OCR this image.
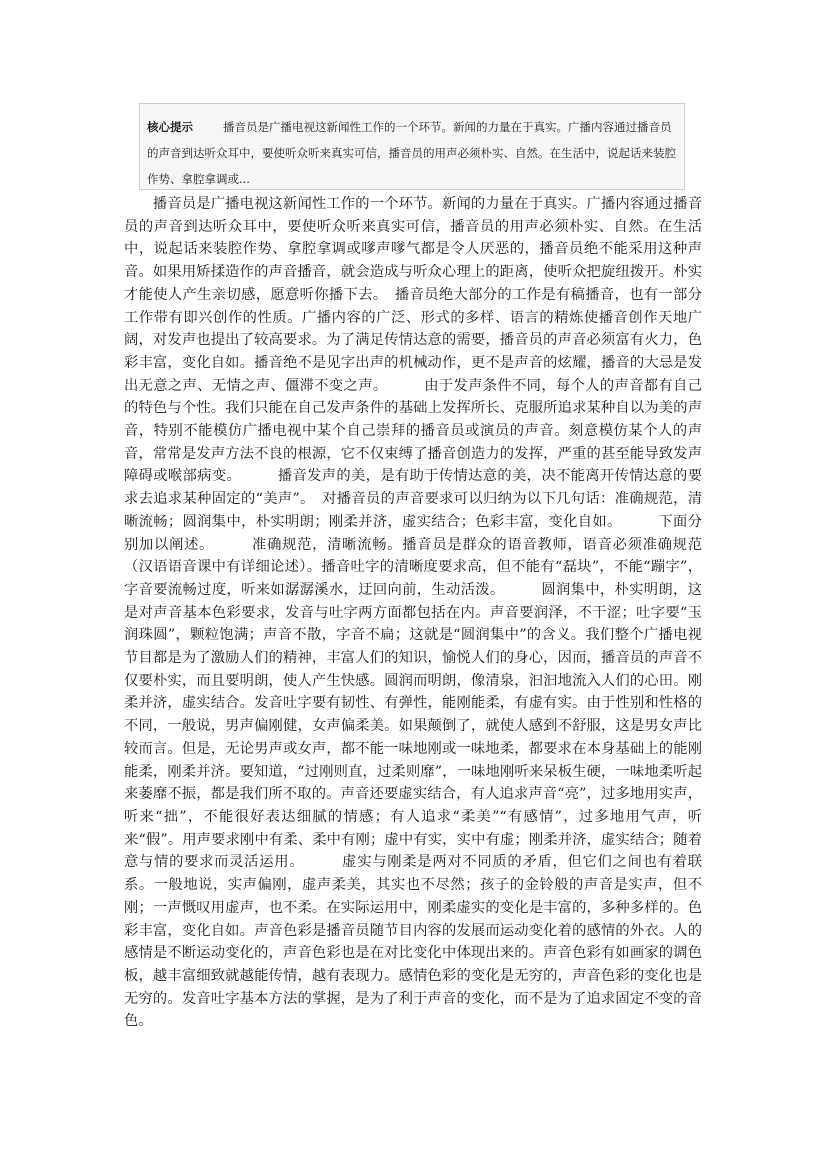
核心提示	播音员是广播电视这新闻性工作的一个环节。新闻的力量在于真实。广播内容通过播音员的声音到达听众耳中，要使听众听来真实可信，播音员的用声必须朴实、自然。在生活中，说起话来装腔作势、拿腔拿调或...

　　播音员是广播电视这新闻性工作的一个环节。新闻的力量在于真实。广播内容通过播音员的声音到达听众耳中，要使听众听来真实可信，播音员的用声必须朴实、自然。在生活中，说起话来装腔作势、拿腔拿调或嗲声嗲气都是令人厌恶的，播音员绝不能采用这种声音。如果用矫揉造作的声音播音，就会造成与听众心理上的距离，使听众把旋纽拨开。朴实才能使人产生亲切感，愿意听你播下去。　播音员绝大部分的工作是有稿播音，也有一部分工作带有即兴创作的性质。广播内容的广泛、形式的多样、语言的精炼使播音创作天地广阔，对发声也提出了较高要求。为了满足传情达意的需要，播音员的声音必须富有火力，色彩丰富，变化自如。播音绝不是见字出声的机械动作，更不是声音的炫耀，播音的大忌是发出无意之声、无情之声、僵滞不变之声。　　　由于发声条件不同，每个人的声音都有自己的特色与个性。我们只能在自己发声条件的基础上发挥所长、克服所追求某种自以为美的声音，特别不能模仿广播电视中某个自己崇拜的播音员或演员的声音。刻意模仿某个人的声音，常常是发声方法不良的根源，它不仅束缚了播音创造力的发挥，严重的甚至能导致发声障碍或喉部病变。　　　播音发声的美，是有助于传情达意的美，决不能离开传情达意的要求去追求某种固定的“美声”。　对播音员的声音要求可以归纳为以下几句话：准确规范，清晰流畅；圆润集中，朴实明朗；刚柔并济，虚实结合；色彩丰富，变化自如。　　　下面分别加以阐述。　　　准确规范，清晰流畅。播音员是群众的语音教师，语音必须准确规范（汉语语音课中有详细论述）。播音吐字的清晰度要求高，但不能有“磊块”，不能“蹦字”，字音要流畅过度，听来如潺潺溪水，迂回向前，生动活泼。　　　圆润集中，朴实明朗，这是对声音基本色彩要求，发音与吐字两方面都包括在内。声音要润泽，不干涩；吐字要“玉润珠圆”，颗粒饱满；声音不散，字音不扁；这就是“圆润集中”的含义。我们整个广播电视节目都是为了激励人们的精神，丰富人们的知识，愉悦人们的身心，因而，播音员的声音不仅要朴实，而且要明朗，使人产生快感。圆润而明朗，像清泉，汩汩地流入人们的心田。刚柔并济，虚实结合。发音吐字要有韧性、有弹性，能刚能柔，有虚有实。由于性别和性格的不同，一般说，男声偏刚健，女声偏柔美。如果颠倒了，就使人感到不舒服，这是男女声比较而言。但是，无论男声或女声，都不能一味地刚或一味地柔，都要求在本身基础上的能刚能柔，刚柔并济。要知道，“过刚则直，过柔则靡”，一味地刚听来呆板生硬，一味地柔听起来萎靡不振，都是我们所不取的。声音还要虚实结合，有人追求声音“亮”，过多地用实声，听来“拙”，不能很好表达细腻的情感；有人追求“柔美”“有感情”，过多地用气声，听来“假”。用声要求刚中有柔、柔中有刚；虚中有实，实中有虚；刚柔并济，虚实结合；随着意与情的要求而灵活运用。　　　虚实与刚柔是两对不同质的矛盾，但它们之间也有着联系。一般地说，实声偏刚，虚声柔美，其实也不尽然；孩子的金铃般的声音是实声，但不刚；一声慨叹用虚声，也不柔。在实际运用中，刚柔虚实的变化是丰富的，多种多样的。色彩丰富，变化自如。声音色彩是播音员随节目内容的发展而运动变化着的感情的外衣。人的感情是不断运动变化的，声音色彩也是在对比变化中体现出来的。声音色彩有如画家的调色板，越丰富细致就越能传情，越有表现力。感情色彩的变化是无穷的，声音色彩的变化也是无穷的。发音吐字基本方法的掌握，是为了利于声音的变化，而不是为了追求固定不变的音色。
